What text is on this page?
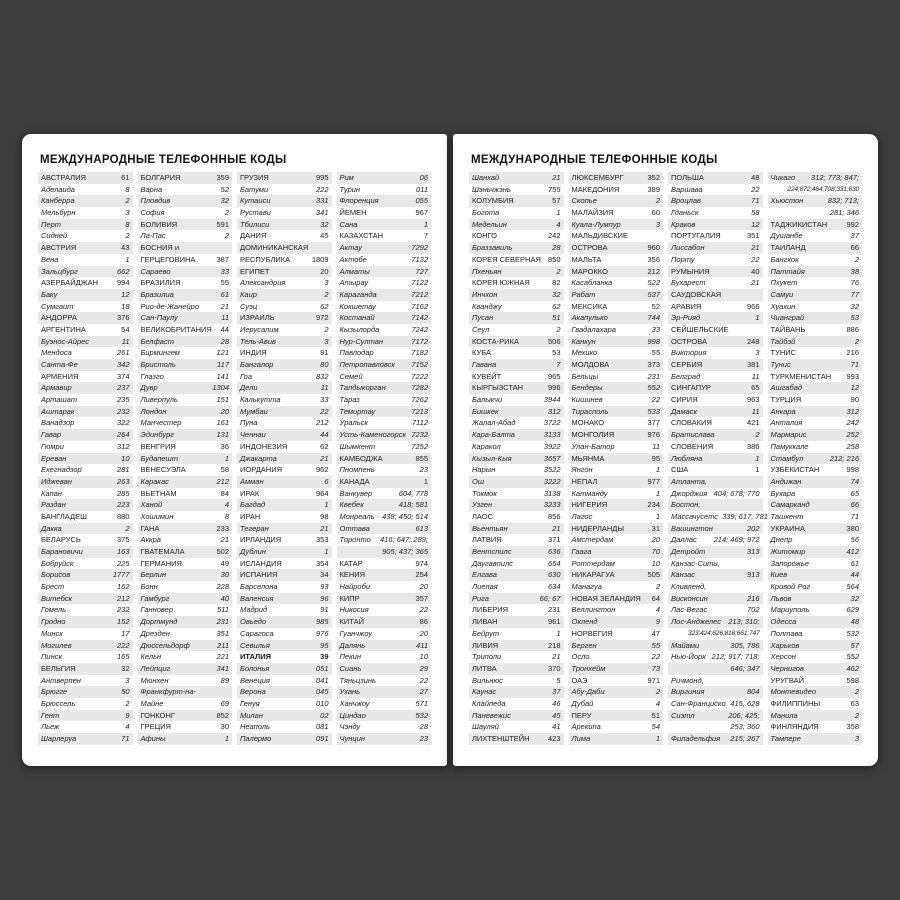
МЕЖДУНАРОДНЫЕ ТЕЛЕФОННЫЕ КОДЫ
АВСТРАЛИЯ	61
Аделаида	8
Канберра	2
Мельбурн	3
Перт	8
Сидней	2
АВСТРИЯ	43
Вена	1
Зальцбург	662
АЗЕРБАЙДЖАН	994
Баку	12
Сумгаит	18
АНДОРРА	376
АРГЕНТИНА	54
Буэнос-Айрес	11
Мендоса	261
Санта-Фе	342
АРМЕНИЯ	374
Армавир	237
Арташат	235
Аштарак	232
Ванадзор	322
Гавар	264
Гюмри	312
Ереван	10
Ехегнадзор	281
Иджеван	263
Капан	285
Раздан	223
БАНГЛАДЕШ	880
Дакка	2
БЕЛАРУСЬ	375
Барановичи	163
Бобруйск	225
Борисов	1777
Брест	162
Витебск	212
Гомель	232
Гродно	152
Минск	17
Могилев	222
Пинск	165
БЕЛЬГИЯ	32
Антверпен	3
Брюгге	50
Брюссель	2
Гент	9
Льеж	4
Шарлеруа	71
БОЛГАРИЯ	359
Варна	52
Пловдив	32
София	2
БОЛИВИЯ	591
Ла-Пас	2
БОСНИЯ и
ГЕРЦЕГОВИНА	387
Сараево	33
БРАЗИЛИЯ	55
Бразилиа	61
Рио-де-Жанейро	21
Сан-Паулу	11
ВЕЛИКОБРИТАНИЯ 44
Белфаст	28
Бирмингем	121
Бристоль	117
Глазго	141
Дувр	1304
Ливерпуль	151
Лондон	20
Манчестер	161
Эдинбург	131
ВЕНГРИЯ	36
Будапешт	1
ВЕНЕСУЭЛА	58
Каракас	212
ВЬЕТНАМ	84
Ханой	4
Хошимин	8
ГАНА	233
Аккра	21
ГВАТЕМАЛА	502
ГЕРМАНИЯ	49
Берлин	30
Бонн	228
Гамбург	40
Ганновер	511
Дортмунд	231
Дрезден	351
Дюссельдорф	211
Кельн	221
Лейпциг	341
Мюнхен	89
Франкфурт-на-
Майне	69
ГОНКОНГ	852
ГРЕЦИЯ	30
Афины	1
ГРУЗИЯ	995
Батуми	222
Кутаиси	331
Рустави	341
Тбилиси	32
ДАНИЯ	45
ДОМИНИКАНСКАЯ
РЕСПУБЛИКА	1809
ЕГИПЕТ	20
Александрия	3
Каир	2
Суэц	62
ИЗРАИЛЬ	972
Иерусалим	2
Тель-Авив	3
ИНДИЯ	91
Бангалор	80
Гоа	832
Дели	11
Калькутта	33
Мумбаи	22
Пуна	212
Ченнаи	44
ИНДОНЕЗИЯ	62
Джакарта	21
ИОРДАНИЯ	962
Амман	6
ИРАК	964
Багдад	1
ИРАН	98
Тегеран	21
ИРЛАНДИЯ	353
Дублин	1
ИСЛАНДИЯ	354
ИСПАНИЯ	34
Барселона	93
Валенсия	96
Мадрид	91
Овьедо	985
Сарагоса	976
Севилья	95
ИТАЛИЯ	39
Болонья	051
Венеция	041
Верона	045
Генуя	010
Милан	02
Неаполь	081
Палермо	091
Рим	06
Турин	011
Флоренция	055
ЙЕМЕН	967
Сана	1
КАЗАХСТАН	7
Актау	7292
Актобе	7132
Алматы	727
Атырау	7122
Караганда	7212
Кокшетау	7162
Костанай	7142
Кызылорда	7242
Нур-Султан	7172
Павлодар	7182
Петропавловск 7152
Семей	7222
Талдыкорган	7282
Тараз	7262
Темиртау	7213
Уральск	7112
Усть-Каменогорск 7232
Шымкент	7252
КАМБОДЖА	855
Пномпень	23
КАНАДА	1
Ванкувер	604, 778
Квебек	418; 581
Монреаль 438; 450; 514
Оттава	613
Торонто 416; 647; 289;
905; 437; 365
КАТАР	974
КЕНИЯ	254
Найроби	20
КИПР	357
Никосия	22
КИТАЙ	86
Гуанчжоу	20
Далянь	411
Пекин	10
Сиань	29
Тяньцзинь	22
Ухань	27
Ханчжоу	571
Циндао	532
Чэнду	28
Чунцин	23
МЕЖДУНАРОДНЫЕ ТЕЛЕФОННЫЕ КОДЫ
Шанхай	21
Шэньчжэнь	755
КОЛУМБИЯ	57
Богота	1
Медельин	4
КОНГО	242
Браззавиль	28
КОРЕЯ СЕВЕРНАЯ 850
Пхеньян	2
КОРЕЯ ЮЖНАЯ	82
Инчхон	32
Кванджу	62
Пусан	51
Сеул	2
КОСТА-РИКА	506
КУБА	53
Гавана	7
КУВЕЙТ	965
КЫРГЫЗСТАН	996
Балыкчи	3944
Бишкек	312
Жалал-Абад	3722
Кара-Балта	3133
Каракол	3922
Кызыл-Кыя	3657
Нарын	3522
Ош	3222
Токмок	3138
Узген	3233
ЛАОС	856
Вьентьян	21
ЛАТВИЯ	371
Вентспилс	636
Даугавпилс	654
Елгава	630
Лиепая	634
Рига	66; 67
ЛИБЕРИЯ	231
ЛИВАН	961
Бейрут	1
ЛИВИЯ	218
Триполи	21
ЛИТВА	370
Вильнюс	5
Каунас	37
Клайпеда	46
Паневежис	45
Шауляй	41
ЛИХТЕНШТЕЙН 423
ЛЮКСЕМБУРГ	352
МАКЕДОНИЯ	389
Скопье	2
МАЛАЙЗИЯ	60
Куала-Лумпур	3
МАЛЬДИВСКИЕ
ОСТРОВА	960
МАЛЬТА	356
МАРОККО	212
Касабланка	522
Рабат	537
МЕКСИКА	52
Акапулько	744
Гвадалахара	33
Канкун	998
Мехико	55
МОЛДОВА	373
Бельцы	231
Бендеры	552
Кишинев	22
Тирасполь	533
МОНАКО	377
МОНГОЛИЯ	976
Улан-Батор	11
МЬЯНМА	95
Янгон	1
НЕПАЛ	977
Катманду	1
НИГЕРИЯ	234
Лагос	1
НИДЕРЛАНДЫ	31
Амстердам	20
Гаага	70
Роттердам	10
НИКАРАГУА	505
Манагуа	2
НОВАЯ ЗЕЛАНДИЯ 64
Веллингтон	4
Окленд	9
НОРВЕГИЯ	47
Берген	55
Осло	22
Тронхейм	73
ОАЭ	971
Абу-Даби	2
Дубай	4
ПЕРУ	51
Арекипа	54
Лима	1
ПОЛЬША	48
Варшава	22
Вроцлав	71
Гданьск	58
Краков	12
ПОРТУГАЛИЯ	351
Лиссабон	21
Порту	22
РУМЫНИЯ	40
Бухарест	21
САУДОВСКАЯ
АРАВИЯ	966
Эр-Рияд	1
СЕЙШЕЛЬСКИЕ
ОСТРОВА	248
Виктория	3
СЕРБИЯ	381
Белград	11
СИНГАПУР	65
СИРИЯ	963
Дамаск	11
СЛОВАКИЯ	421
Братислава	2
СЛОВЕНИЯ	386
Любляна	1
США	1
Атланта,
Джорджия 404; 678; 770
Бостон,
Массачусетс 339; 617, 781
Вашингтон	202
Даллас 214; 469; 972
Детройт	313
Канзас-Сити,
Канзас	913
Кливленд,
Висконсин	216
Лас-Вегас	702
Лос-Анджелес 213; 310;
323;424;626;818;661;747
Майами	305, 786
Нью-Йорк 212; 917; 718;
646; 347
Ричмонд,
Виргиния	804
Сан-Франциско 415, 628
Сиэтл	206; 425;
253; 360
Филадельфия 215; 267
Чикаго 312; 773; 847;
224;872;464;708;331;630
Хьюстон	832; 713;
281; 346
ТАДЖИКИСТАН	992
Душанбе	37
ТАИЛАНД	66
Бангкок	2
Паттайя	38
Пхукет	76
Самуи	77
Хуахин	32
Чианграй	53
ТАЙВАНЬ	886
Тайбэй	2
ТУНИС	216
Тунис	71
ТУРКМЕНИСТАН 993
Ашгабад	12
ТУРЦИЯ	90
Анкара	312
Анталия	242
Мармарис	252
Памуккале	258
Стамбул	212; 216
УЗБЕКИСТАН	998
Андижан	74
Бухара	65
Самарканд	66
Ташкент	71
УКРАИНА	380
Днепр	56
Житомир	412
Запорожье	61
Киев	44
Кривой Рог	564
Львов	32
Мариуполь	629
Одесса	48
Полтава	532
Харьков	57
Херсон	552
Чернигов	462
УРУГВАЙ	598
Монтевидео	2
ФИЛИППИНЫ	63
Манила	2
ФИНЛЯНДИЯ	358
Тампере	3
